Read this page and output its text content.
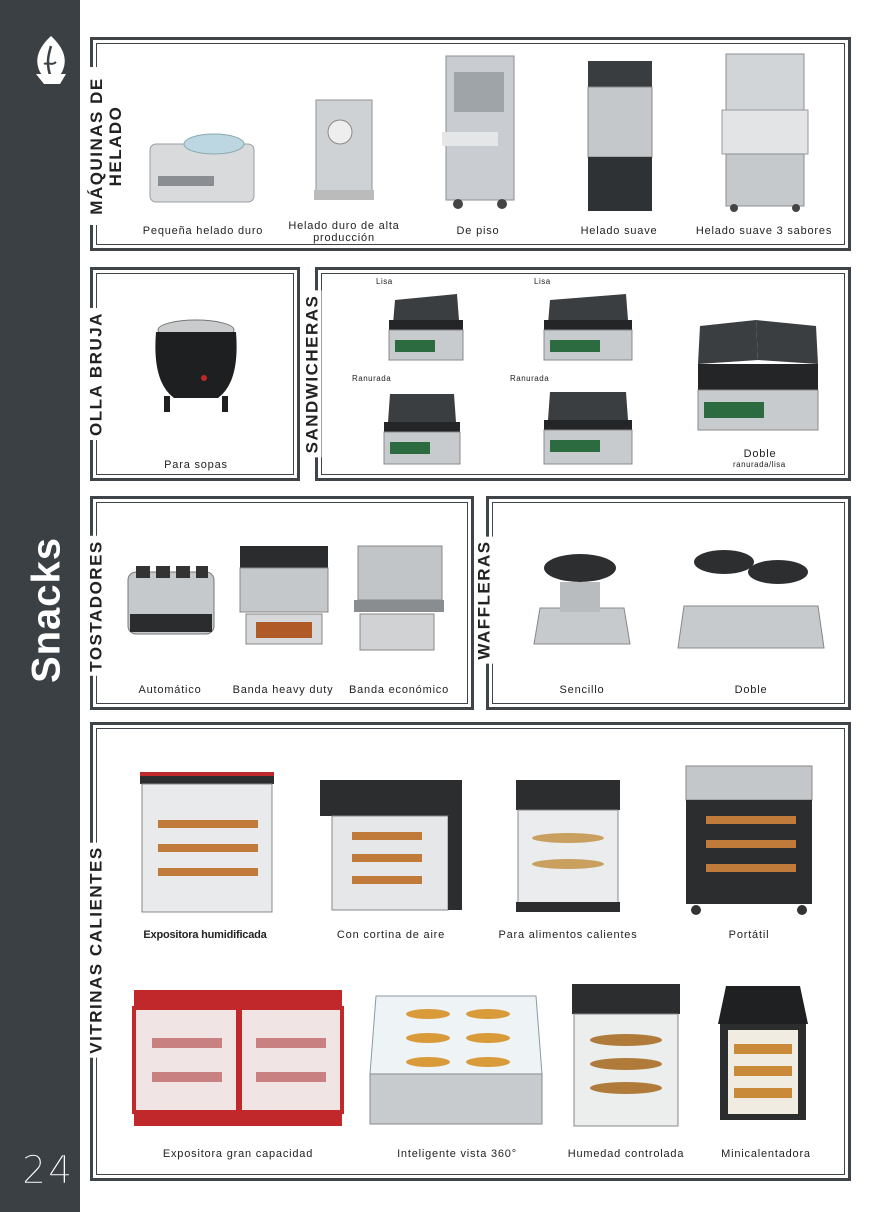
Snacks
24
MÁQUINAS DE HELADO
Pequeña helado duro	Helado duro de alta producción
De piso	Helado suave	Helado suave 3 sabores
OLLA BRUJA
Para sopas
SANDWICHERAS
Lisa	Lisa
Ranurada	Ranurada
Doble
ranurada/lisa
TOSTADORES
Automático	Banda heavy duty Banda económico
WAFFLERAS
Sencillo	Doble
VITRINAS CALIENTES	Expositora humidificada	Con cortina de aire	Para alimentos calientes	Portátil
Expositora gran capacidad	Inteligente vista 360°	Humedad controlada	Minicalentadora
